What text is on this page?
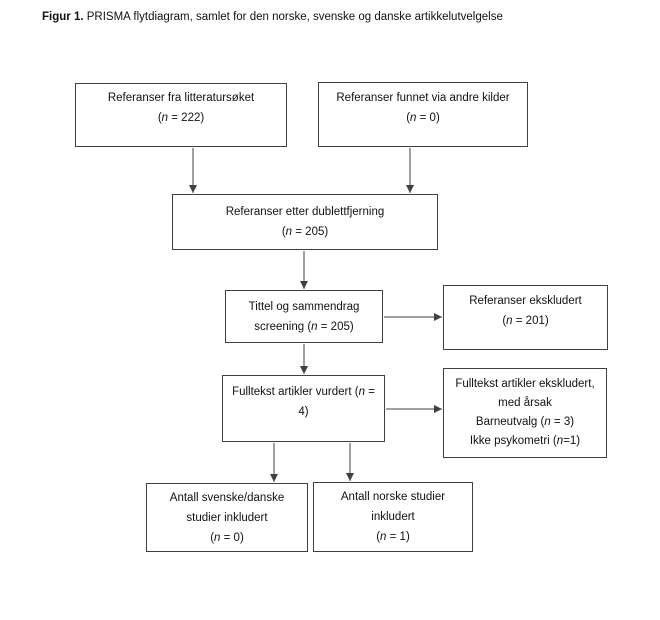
Figur 1. PRISMA flytdiagram, samlet for den norske, svenske og danske artikkelutvelgelse
Referanser fra litteratursøket
(n = 222)
Referanser funnet via andre kilder
(n = 0)
Referanser etter dublettfjerning
(n = 205)
Tittel og sammendrag
screening (n = 205)
Referanser ekskludert
(n = 201)
Fulltekst artikler vurdert (n =
4)
Fulltekst artikler ekskludert,
med årsak
Barneutvalg (n = 3)
Ikke psykometri (n=1)
Antall svenske/danske
studier inkludert
(n = 0)
Antall norske studier
inkludert
(n = 1)
